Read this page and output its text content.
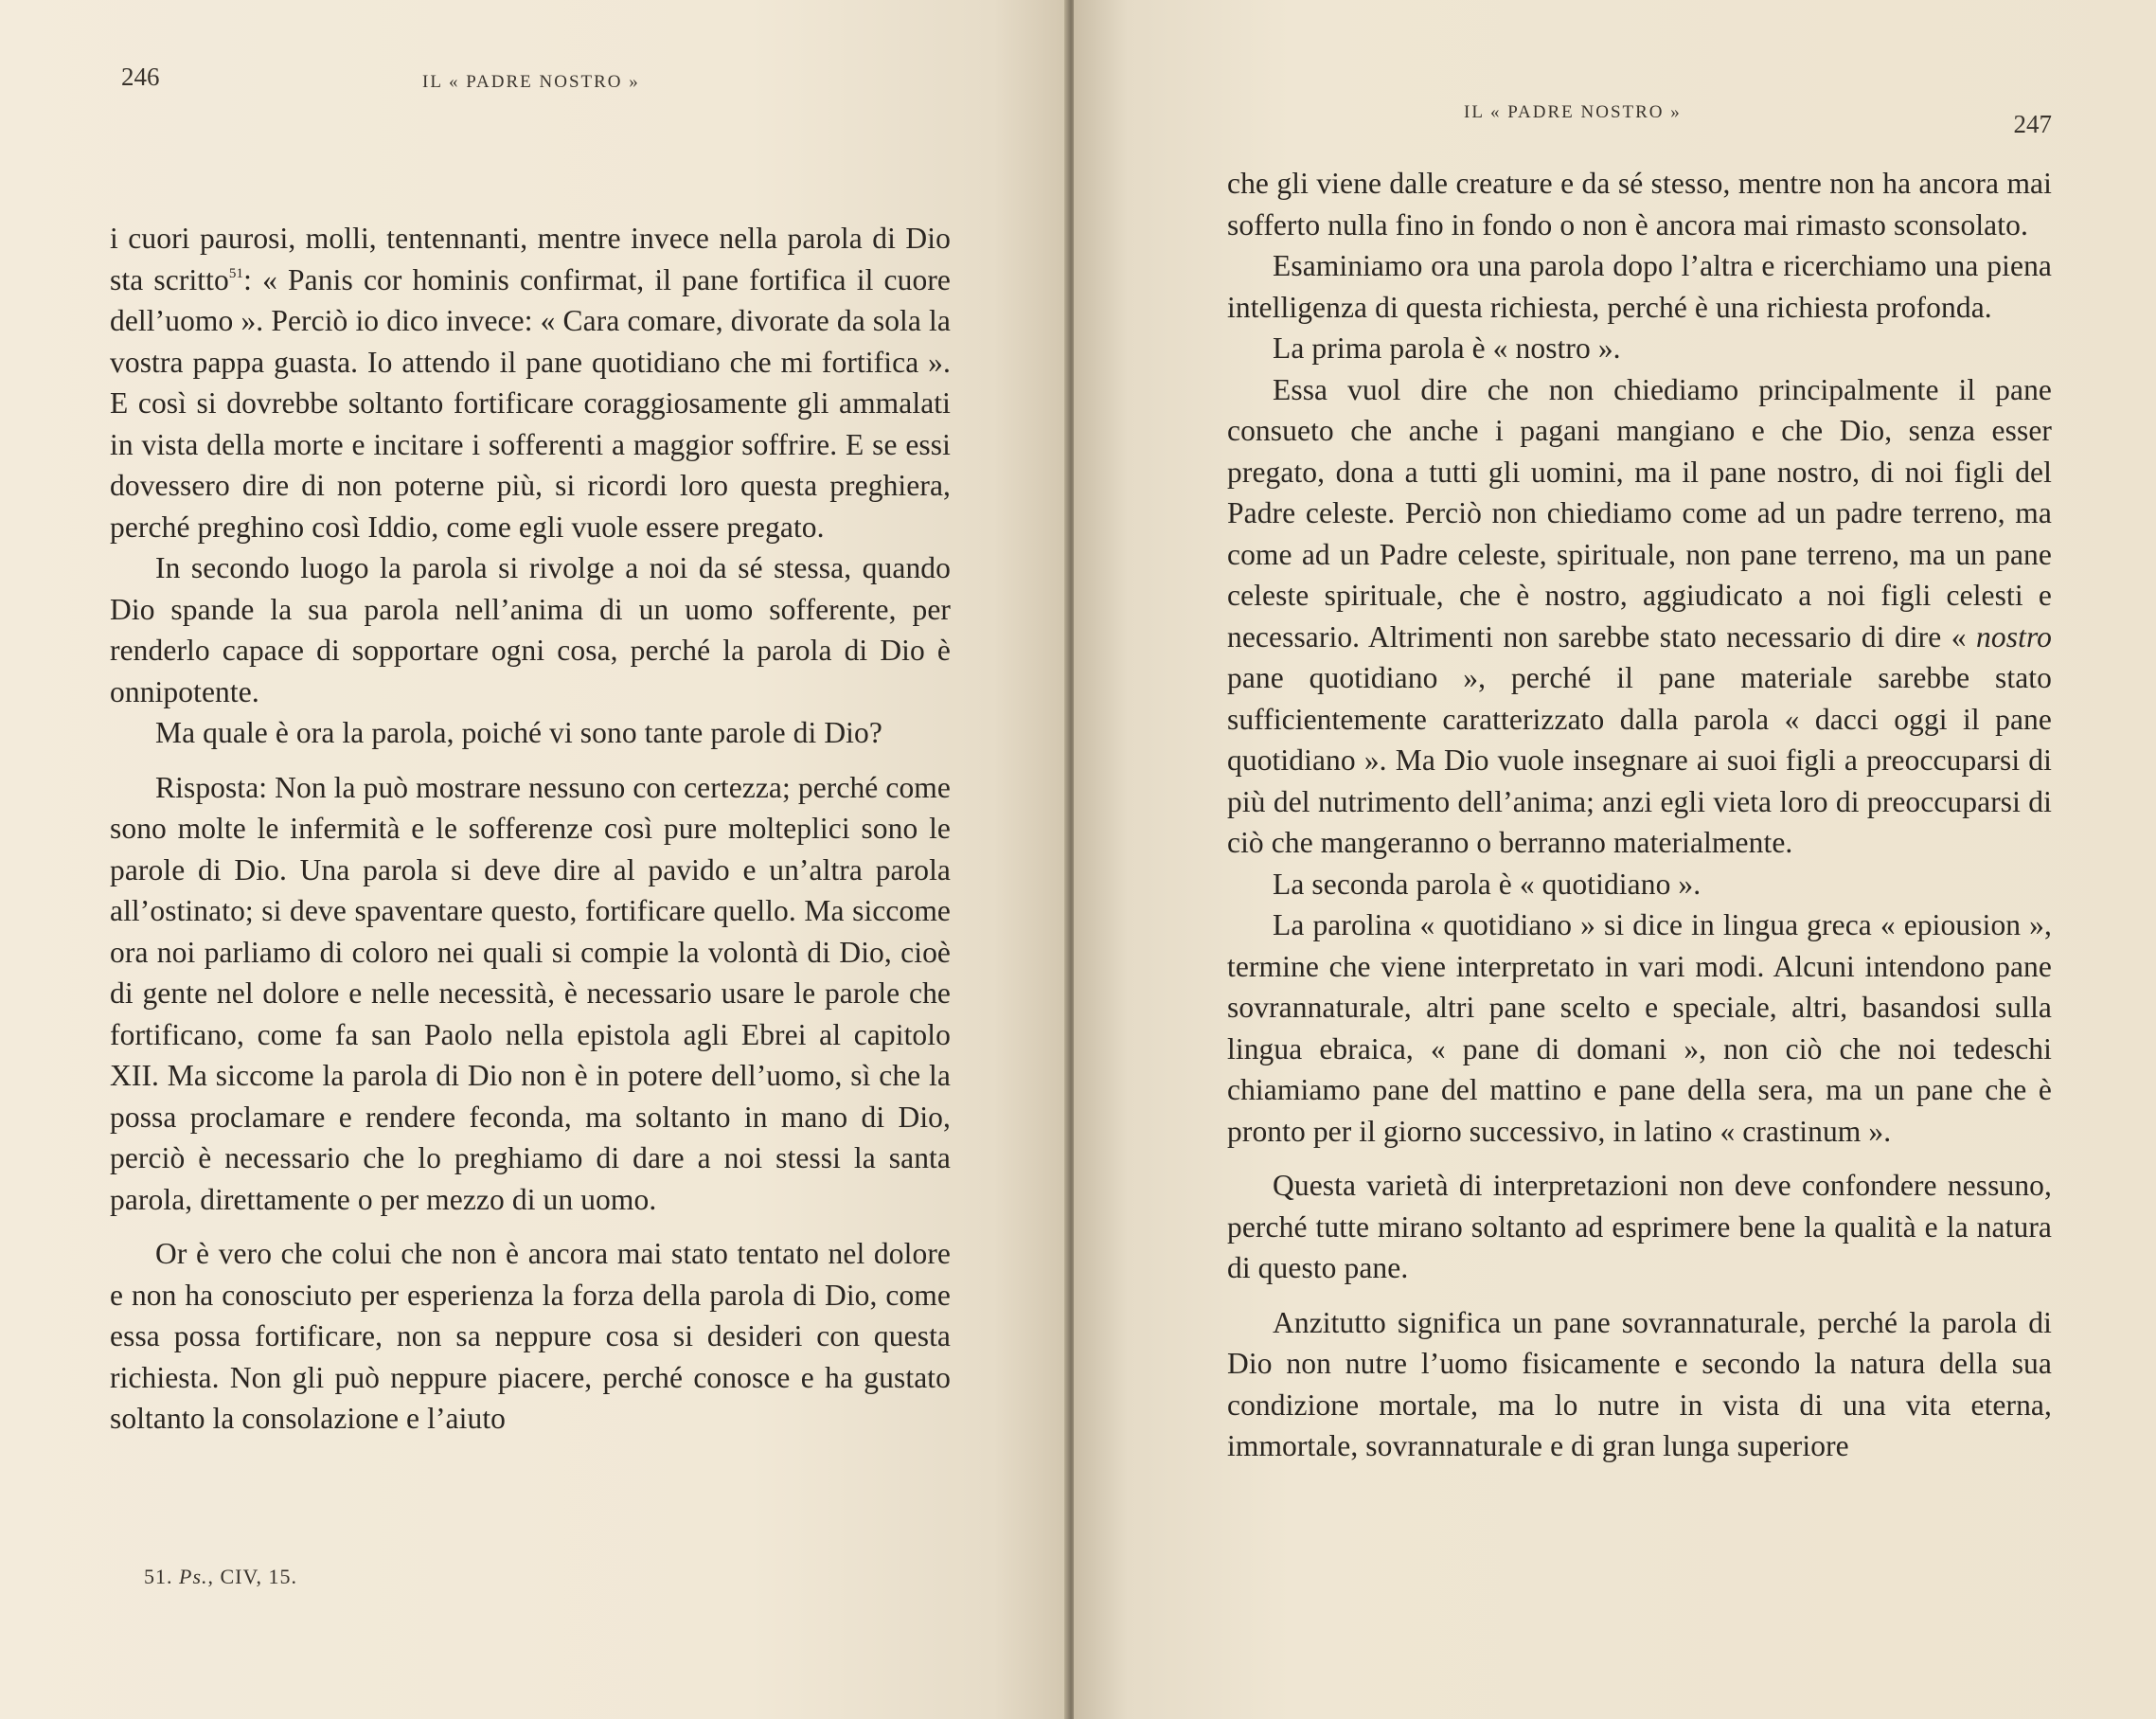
246	IL « PADRE NOSTRO »

i cuori paurosi, molli, tentennanti, mentre invece nella parola di Dio sta scritto$^{51}$: « Panis cor hominis confirmat, il pane fortifica il cuore dell’uomo ». Perciò io dico invece: « Cara comare, divorate da sola la vostra pappa guasta. Io attendo il pane quotidiano che mi fortifica ». E così si dovrebbe soltanto fortificare coraggiosamente gli ammalati in vista della morte e incitare i sofferenti a maggior soffrire. E se essi dovessero dire di non poterne più, si ricordi loro questa preghiera, perché preghino così Iddio, come egli vuole essere pregato.

In secondo luogo la parola si rivolge a noi da sé stessa, quando Dio spande la sua parola nell’anima di un uomo sofferente, per renderlo capace di sopportare ogni cosa, perché la parola di Dio è onnipotente.

Ma quale è ora la parola, poiché vi sono tante parole di Dio?

Risposta: Non la può mostrare nessuno con certezza; perché come sono molte le infermità e le sofferenze così pure molteplici sono le parole di Dio. Una parola si deve dire al pavido e un’altra parola all’ostinato; si deve spaventare questo, fortificare quello. Ma siccome ora noi parliamo di coloro nei quali si compie la volontà di Dio, cioè di gente nel dolore e nelle necessità, è necessario usare le parole che fortificano, come fa san Paolo nella epistola agli Ebrei al capitolo XII. Ma siccome la parola di Dio non è in potere dell’uomo, sì che la possa proclamare e rendere feconda, ma soltanto in mano di Dio, perciò è necessario che lo preghiamo di dare a noi stessi la santa parola, direttamente o per mezzo di un uomo.

Or è vero che colui che non è ancora mai stato tentato nel dolore e non ha conosciuto per esperienza la forza della parola di Dio, come essa possa fortificare, non sa neppure cosa si desideri con questa richiesta. Non gli può neppure piacere, perché conosce e ha gustato soltanto la consolazione e l’aiuto

51. Ps., CIV, 15.
IL « PADRE NOSTRO »	247

che gli viene dalle creature e da sé stesso, mentre non ha ancora mai sofferto nulla fino in fondo o non è ancora mai rimasto sconsolato.

Esaminiamo ora una parola dopo l’altra e ricerchiamo una piena intelligenza di questa richiesta, perché è una richiesta profonda.

La prima parola è « nostro ».

Essa vuol dire che non chiediamo principalmente il pane consueto che anche i pagani mangiano e che Dio, senza esser pregato, dona a tutti gli uomini, ma il pane nostro, di noi figli del Padre celeste. Perciò non chiediamo come ad un padre terreno, ma come ad un Padre celeste, spirituale, non pane terreno, ma un pane celeste spirituale, che è nostro, aggiudicato a noi figli celesti e necessario. Altrimenti non sarebbe stato necessario di dire « nostro pane quotidiano », perché il pane materiale sarebbe stato sufficientemente caratterizzato dalla parola « dacci oggi il pane quotidiano ». Ma Dio vuole insegnare ai suoi figli a preoccuparsi di più del nutrimento dell’anima; anzi egli vieta loro di preoccuparsi di ciò che mangeranno o berranno materialmente.

La seconda parola è « quotidiano ».

La parolina « quotidiano » si dice in lingua greca « epiousion », termine che viene interpretato in vari modi. Alcuni intendono pane sovrannaturale, altri pane scelto e speciale, altri, basandosi sulla lingua ebraica, « pane di domani », non ciò che noi tedeschi chiamiamo pane del mattino e pane della sera, ma un pane che è pronto per il giorno successivo, in latino « crastinum ».

Questa varietà di interpretazioni non deve confondere nessuno, perché tutte mirano soltanto ad esprimere bene la qualità e la natura di questo pane.

Anzitutto significa un pane sovrannaturale, perché la parola di Dio non nutre l’uomo fisicamente e secondo la natura della sua condizione mortale, ma lo nutre in vista di una vita eterna, immortale, sovrannaturale e di gran lunga superiore
